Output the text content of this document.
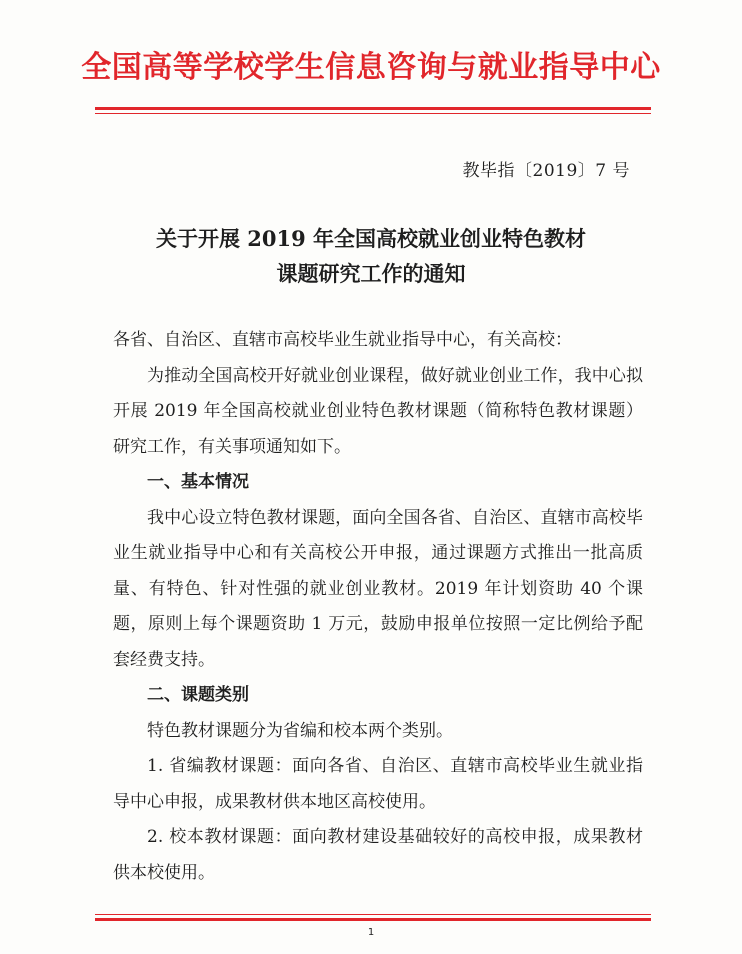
全国高等学校学生信息咨询与就业指导中心
教毕指〔2019〕7 号
关于开展 2019 年全国高校就业创业特色教材
课题研究工作的通知

各省、自治区、直辖市高校毕业生就业指导中心，有关高校：

为推动全国高校开好就业创业课程，做好就业创业工作，我中心拟开展 2019 年全国高校就业创业特色教材课题（简称特色教材课题）研究工作，有关事项通知如下。

一、基本情况

我中心设立特色教材课题，面向全国各省、自治区、直辖市高校毕业生就业指导中心和有关高校公开申报，通过课题方式推出一批高质量、有特色、针对性强的就业创业教材。2019 年计划资助 40 个课题，原则上每个课题资助 1 万元，鼓励申报单位按照一定比例给予配套经费支持。

二、课题类别

特色教材课题分为省编和校本两个类别。

1. 省编教材课题：面向各省、自治区、直辖市高校毕业生就业指导中心申报，成果教材供本地区高校使用。

2. 校本教材课题：面向教材建设基础较好的高校申报，成果教材供本校使用。

1
